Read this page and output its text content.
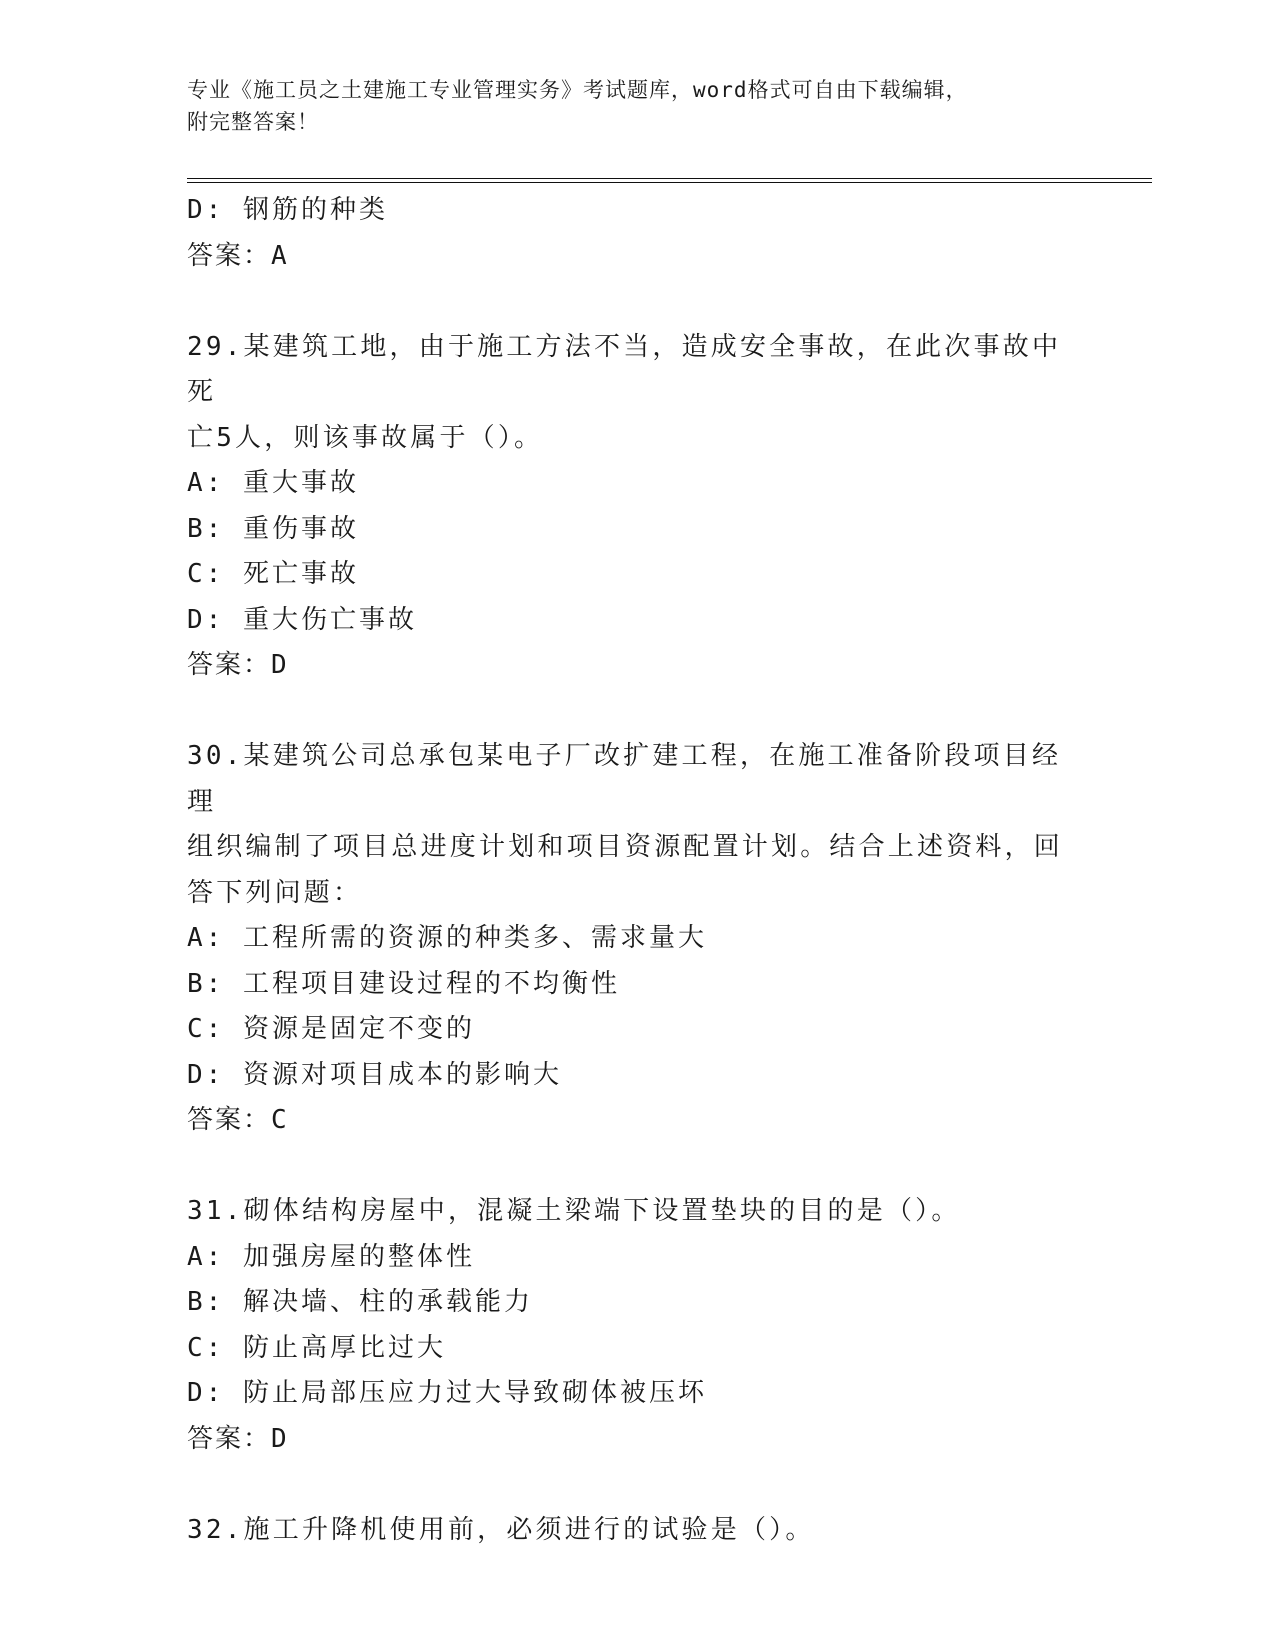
专业《施工员之土建施工专业管理实务》考试题库，word格式可自由下载编辑，
附完整答案！
D: 钢筋的种类
答案：A
29.某建筑工地，由于施工方法不当，造成安全事故，在此次事故中死
亡5人，则该事故属于（）。
A: 重大事故
B: 重伤事故
C: 死亡事故
D: 重大伤亡事故
答案：D
30.某建筑公司总承包某电子厂改扩建工程，在施工准备阶段项目经理
组织编制了项目总进度计划和项目资源配置计划。结合上述资料，回
答下列问题：
A: 工程所需的资源的种类多、需求量大
B: 工程项目建设过程的不均衡性
C: 资源是固定不变的
D: 资源对项目成本的影响大
答案：C
31.砌体结构房屋中，混凝土梁端下设置垫块的目的是（）。
A: 加强房屋的整体性
B: 解决墙、柱的承载能力
C: 防止高厚比过大
D: 防止局部压应力过大导致砌体被压坏
答案：D
32.施工升降机使用前，必须进行的试验是（）。
